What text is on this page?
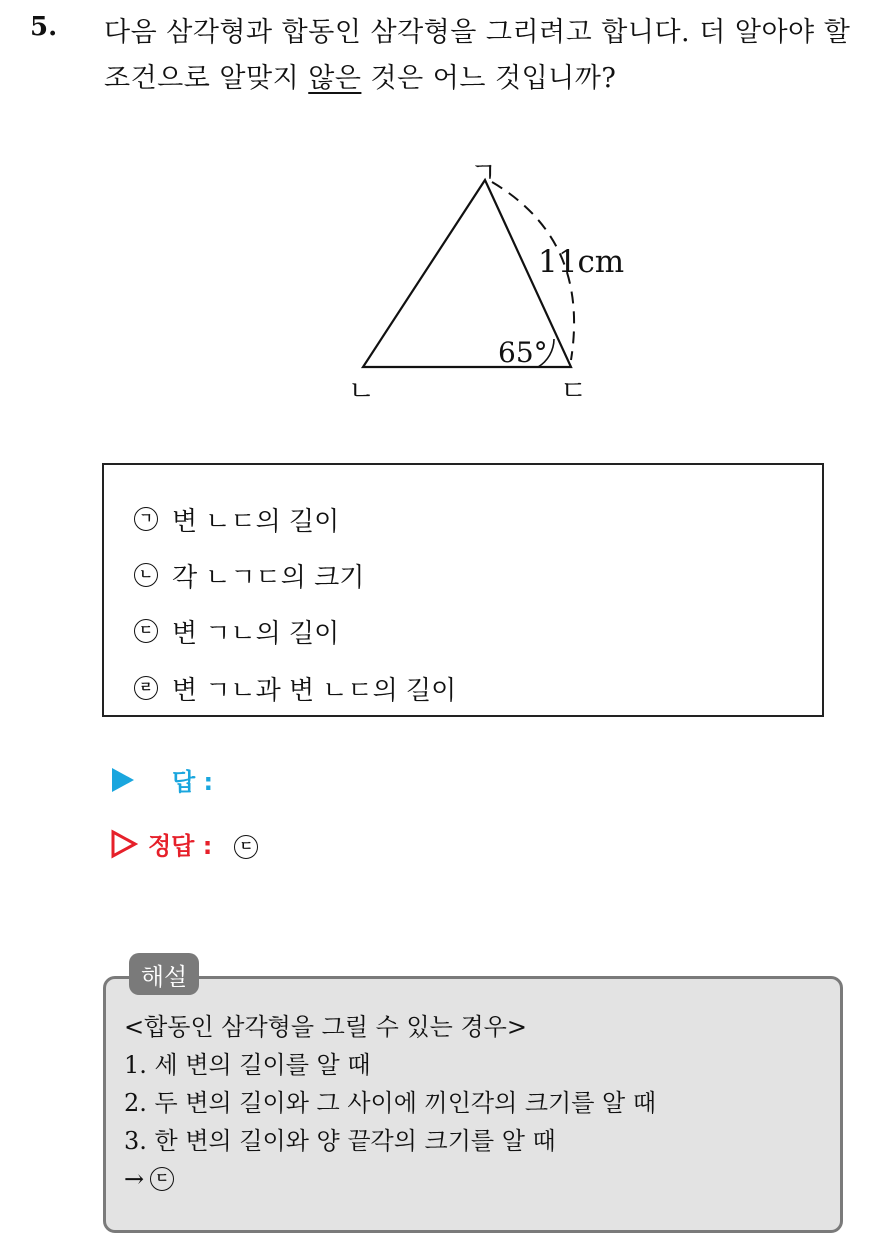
5. 다음 삼각형과 합동인 삼각형을 그리려고 합니다. 더 알아야 할
조건으로 알맞지 않은 것은 어느 것입니까?
ㄱ
ㄴ	ㄷ
11cm
65°
ㄱ 변 ㄴㄷ의 길이
ㄴ 각 ㄴㄱㄷ의 크기
ㄷ 변 ㄱㄴ의 길이
ㄹ 변 ㄱㄴ과 변 ㄴㄷ의 길이
답 :
정답 :	ㄷ
해설
<합동인 삼각형을 그릴 수 있는 경우>
1. 세 변의 길이를 알 때
2. 두 변의 길이와 그 사이에 끼인각의 크기를 알 때
3. 한 변의 길이와 양 끝각의 크기를 알 때
→ ㄷ
